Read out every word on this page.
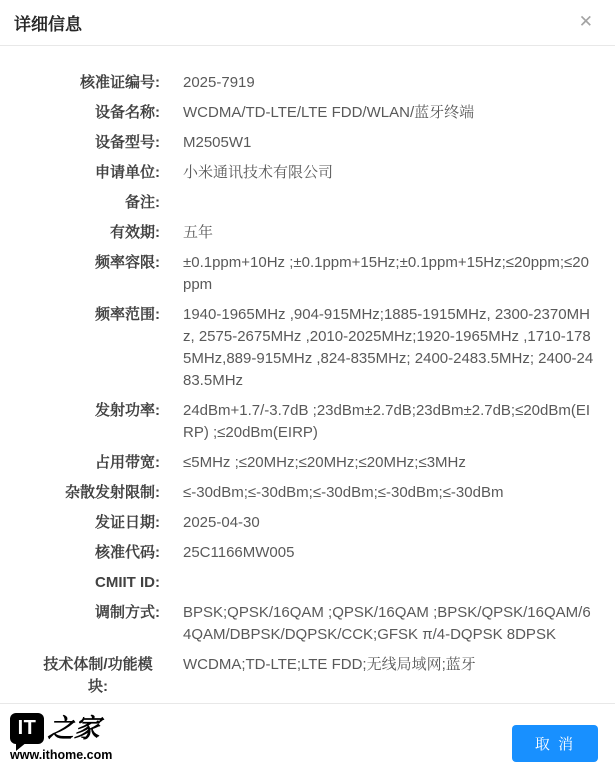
详细信息	✕
核准证编号: 2025-7919
设备名称: WCDMA/TD-LTE/LTE FDD/WLAN/蓝牙终端
设备型号: M2505W1
申请单位: 小米通讯技术有限公司
备注:
有效期: 五年
频率容限: ±0.1ppm+10Hz ;±0.1ppm+15Hz;±0.1ppm+15Hz;≤20ppm;≤20ppm
频率范围: 1940-1965MHz ,904-915MHz;1885-1915MHz, 2300-2370MHz, 2575-2675MHz ,2010-2025MHz;1920-1965MHz ,1710-1785MHz,889-915MHz ,824-835MHz; 2400-2483.5MHz; 2400-2483.5MHz
发射功率: 24dBm+1.7/-3.7dB ;23dBm±2.7dB;23dBm±2.7dB;≤20dBm(EIRP) ;≤20dBm(EIRP)
占用带宽: ≤5MHz ;≤20MHz;≤20MHz;≤20MHz;≤3MHz
杂散发射限制: ≤-30dBm;≤-30dBm;≤-30dBm;≤-30dBm;≤-30dBm
发证日期: 2025-04-30
核准代码: 25C1166MW005
CMIIT ID:
调制方式: BPSK;QPSK/16QAM ;QPSK/16QAM ;BPSK/QPSK/16QAM/64QAM/DBPSK/DQPSK/CCK;GFSK π/4-DQPSK 8DPSK
技术体制/功能模块:
WCDMA;TD-LTE;LTE FDD;无线局域网;蓝牙
IT 之家
www.ithome.com
取 消
